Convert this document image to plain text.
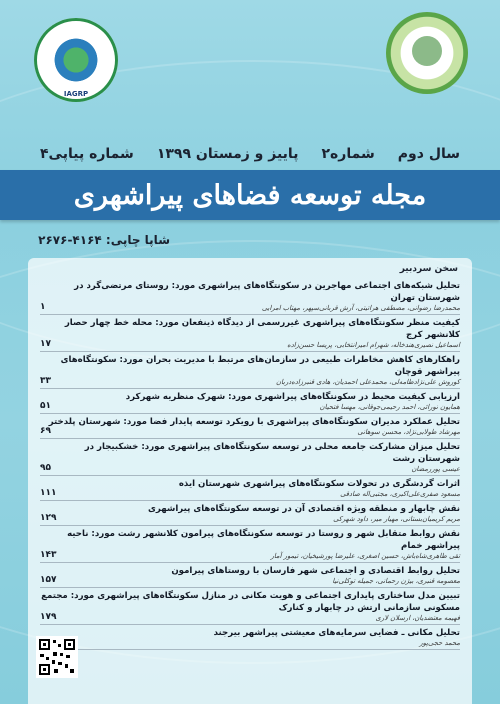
IAGRP
سال دوم
شماره۲
پاییز و زمستان ۱۳۹۹
شماره پیاپی۴
مجله توسعه فضاهای پیراشهری
شاپا چاپی: ۴۱۶۴-۲۶۷۶
سخن سردبیر
تحلیل شبکه‌های اجتماعی مهاجرین در سکونتگاه‌های پیراشهری مورد: روستای مرتضی‌گرد در شهرستان تهران
محمدرضا رضوانی، مصطفی هراتیتی، آرش قربانی‌سپهر، مهتاب امرایی
۱
کیفیت منظر سکونتگاه‌های پیراشهری غیررسمی از دیدگاه ذینفعان مورد: محله خط چهار حصار کلانشهر کرج
اسماعیل نصیری‌هندخاله، شهرام امیرانتخابی، پریسا حسن‌زاده
۱۷
راهکارهای کاهش مخاطرات طبیعی در سازمان‌های مرتبط با مدیریت بحران مورد: سکونتگاه‌های پیراشهر قوچان
کوروش علی‌نژادطامه‌لی، محمدعلی احمدیان، هادی قنبرزاده‌دربان
۳۳
ارزیابی کیفیت محیط در سکونتگاه‌های پیراشهری مورد: شهرک منظریه شهرکرد
همایون نورائی، احمد رحیمی‌جوقانی، مهسا فتحیان
۵۱
تحلیل عملکرد مدیران سکونتگاه‌های پیراشهری با رویکرد توسعه پایدار فضا مورد: شهرستان پلدختر
مهرشاد طولابی‌نژاد، محسن سوهانی
۶۹
تحلیل میزان مشارکت جامعه محلی در توسعه سکونتگاه‌های پیراشهری مورد: خشکبیجار در شهرستان رشت
عیسی پوررمضان
۹۵
اثرات گردشگری در تحولات سکونتگاه‌های پیراشهری شهرستان ایذه
مسعود صفری‌علی‌اکبری، مجتبی‌اله صادقی
۱۱۱
نقش چابهار و منطقه ویژه اقتصادی آن در توسعه سکونتگاه‌های پیراشهری
مریم کریمیان‌بستانی، مهیار میر، داود شهرکی
۱۲۹
نقش روابط متقابل شهر و روستا در توسعه سکونتگاه‌های پیرامون کلانشهر رشت مورد: ناحیه پیراشهر خمام
تقی طاهری‌شاه‌باش، حسین اصغری، علیرضا پورشیخیان، تیمور آمار
۱۴۳
تحلیل روابط اقتصادی و اجتماعی شهر فارسان با روستاهای پیرامون
معصومه قنبری، بیژن رحمانی، جمیله توکلی‌نیا
۱۵۷
تبیین مدل ساختاری پایداری اجتماعی و هویت مکانی در منازل سکونتگاه‌های پیراشهری مورد: مجتمع مسکونی سازمانی ارتش در چابهار و کنارک
فهیمه معتضدیان، ارسلان لاری
۱۷۹
تحلیل مکانی ـ فضایی سرمایه‌های معیشتی پیراشهر بیرجند
محمد حجی‌پور
